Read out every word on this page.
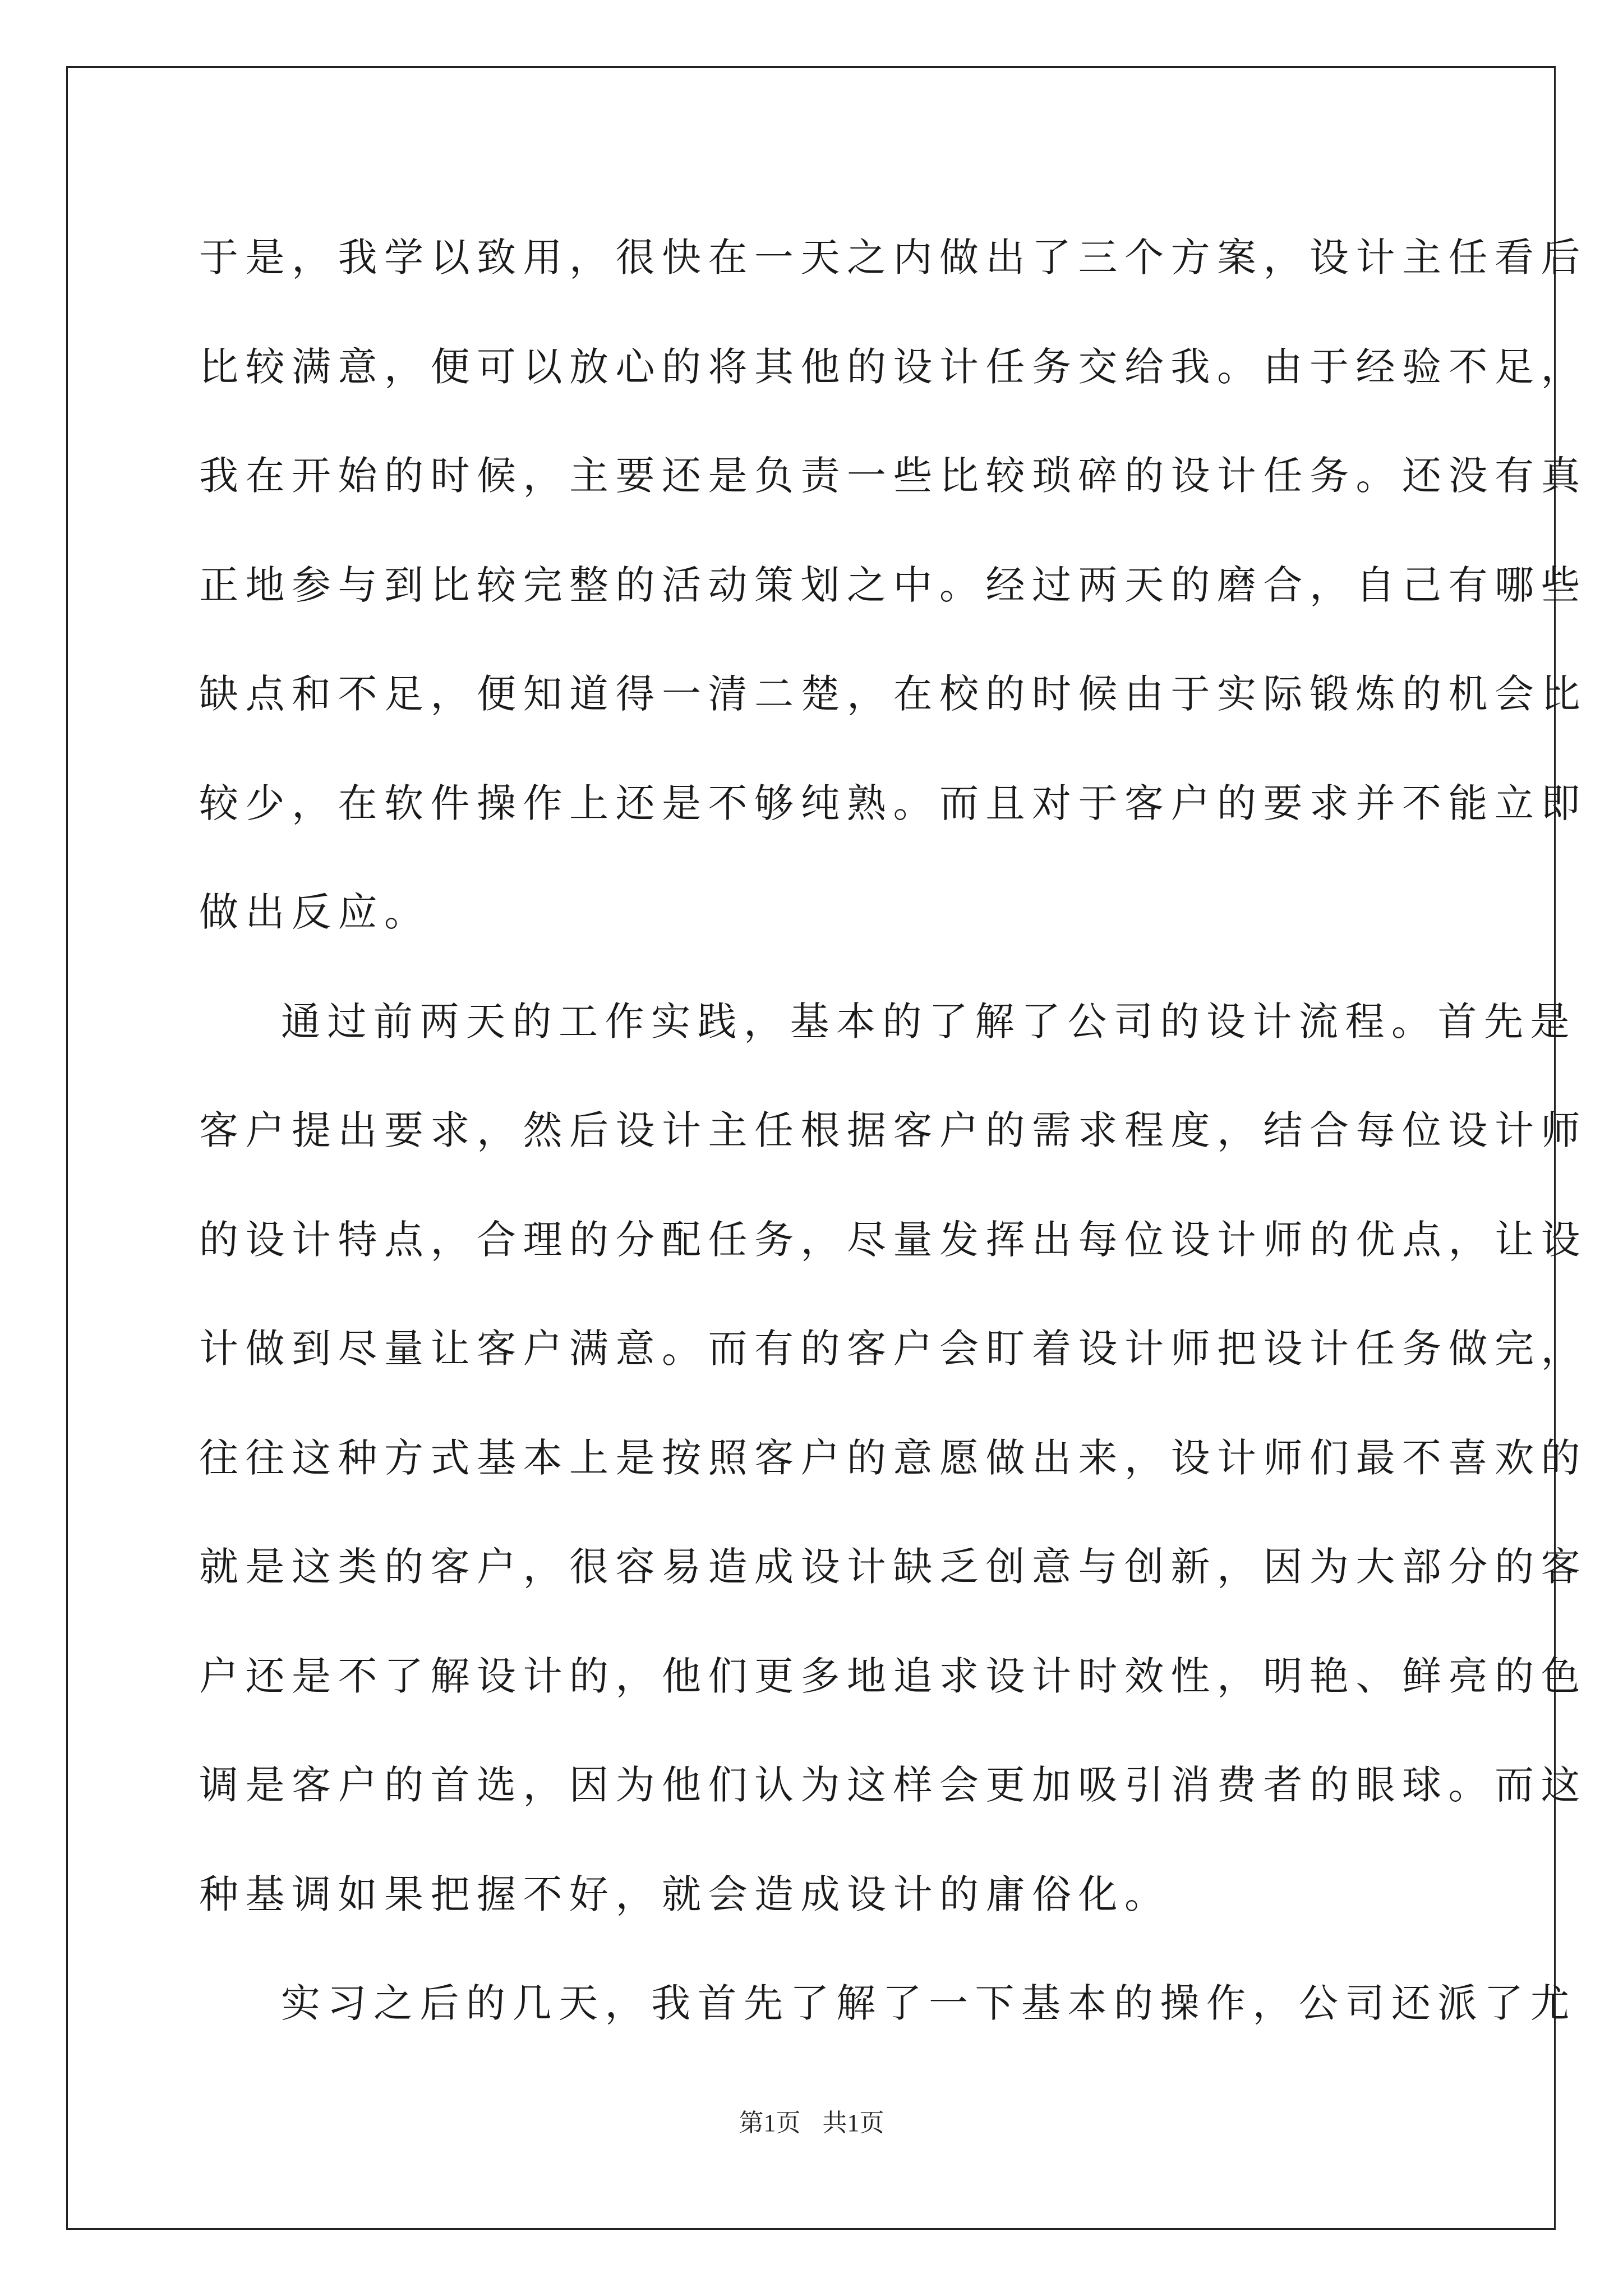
于是，我学以致用，很快在一天之内做出了三个方案，设计主任看后
比较满意，便可以放心的将其他的设计任务交给我。由于经验不足，
我在开始的时候，主要还是负责一些比较琐碎的设计任务。还没有真
正地参与到比较完整的活动策划之中。经过两天的磨合，自己有哪些
缺点和不足，便知道得一清二楚，在校的时候由于实际锻炼的机会比
较少，在软件操作上还是不够纯熟。而且对于客户的要求并不能立即
做出反应。
通过前两天的工作实践，基本的了解了公司的设计流程。首先是
客户提出要求，然后设计主任根据客户的需求程度，结合每位设计师
的设计特点，合理的分配任务，尽量发挥出每位设计师的优点，让设
计做到尽量让客户满意。而有的客户会盯着设计师把设计任务做完，
往往这种方式基本上是按照客户的意愿做出来，设计师们最不喜欢的
就是这类的客户，很容易造成设计缺乏创意与创新，因为大部分的客
户还是不了解设计的，他们更多地追求设计时效性，明艳、鲜亮的色
调是客户的首选，因为他们认为这样会更加吸引消费者的眼球。而这
种基调如果把握不好，就会造成设计的庸俗化。
实习之后的几天，我首先了解了一下基本的操作，公司还派了尤
第1页 共1页
